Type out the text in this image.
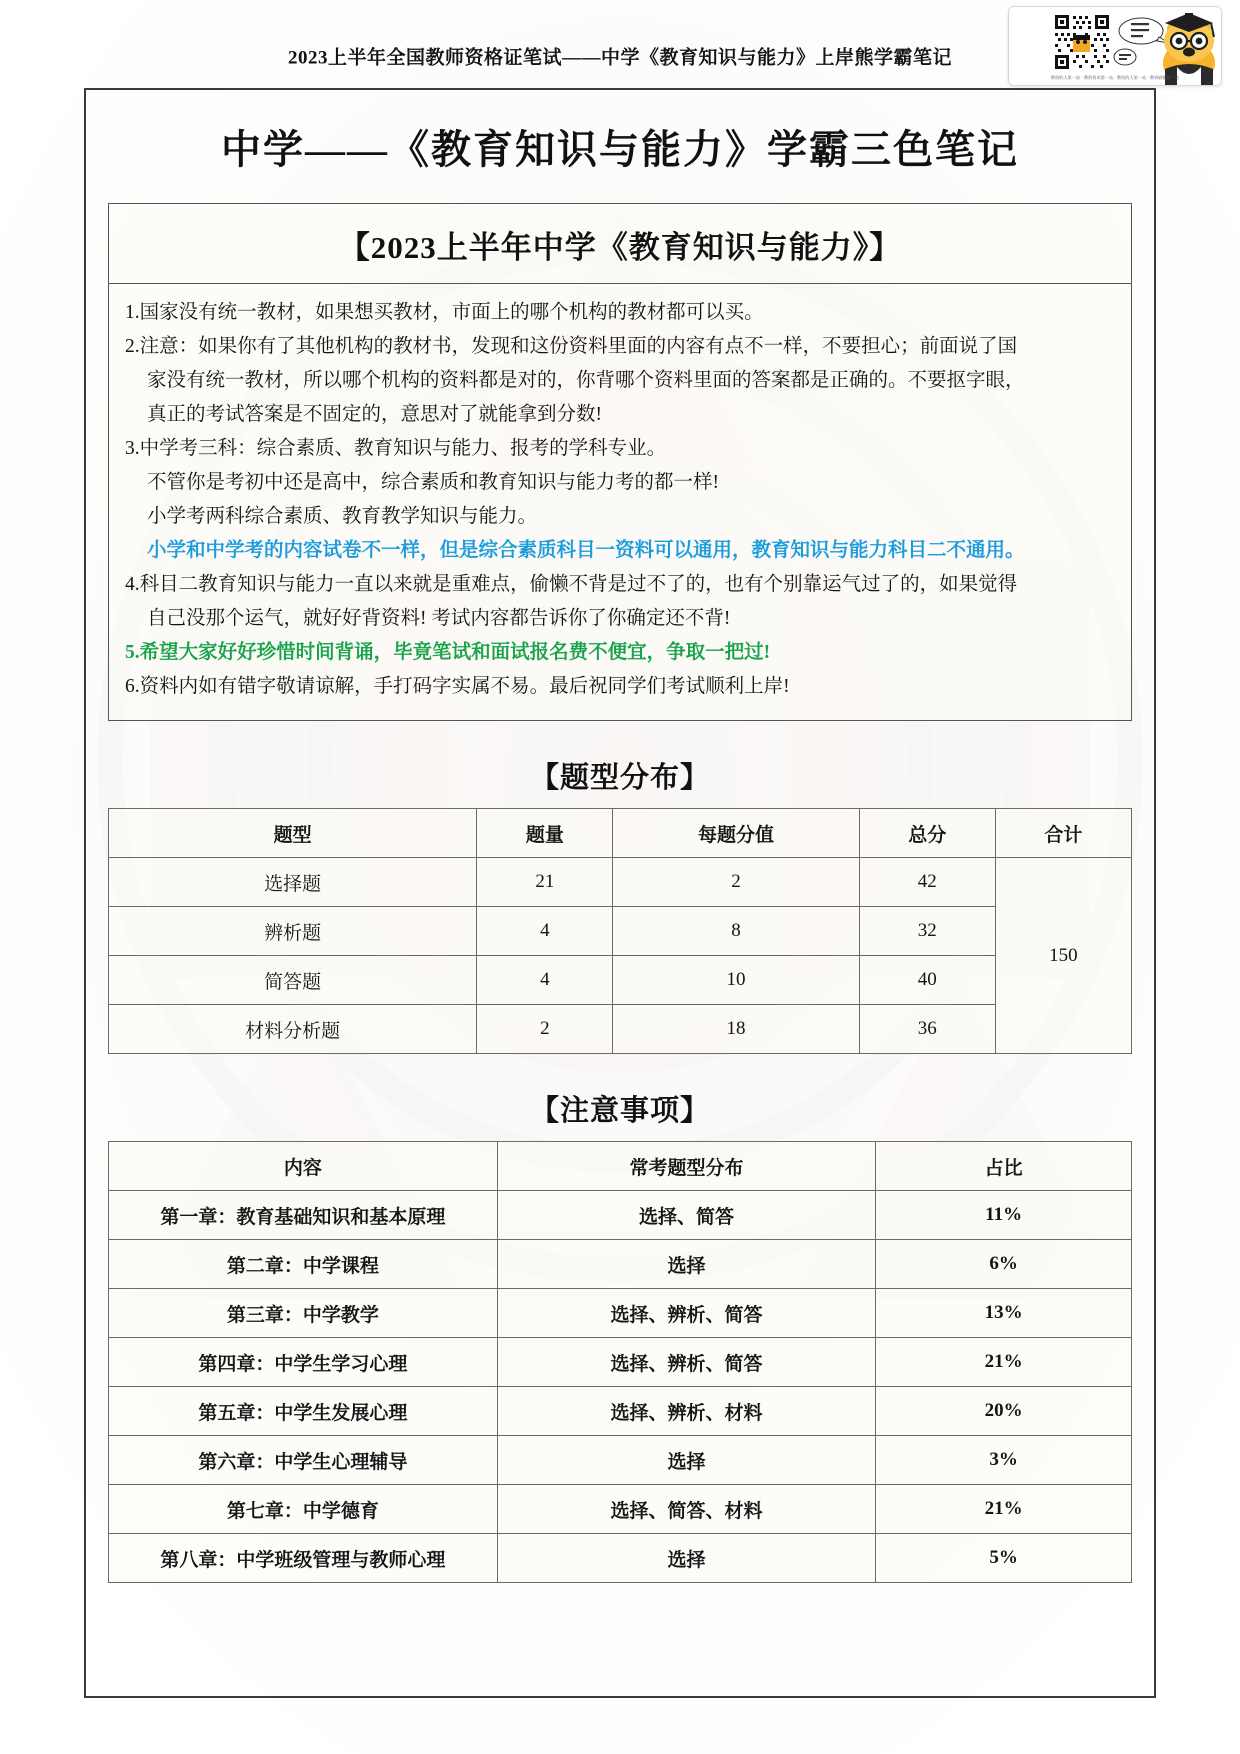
2023上半年全国教师资格证笔试——中学《教育知识与能力》上岸熊学霸笔记
教资的人第一站 · 教资资讯第一站 · 教资的人第一站 · 教资刷题第一站
中学——《教育知识与能力》学霸三色笔记
【2023上半年中学《教育知识与能力》】
1.国家没有统一教材，如果想买教材，市面上的哪个机构的教材都可以买。
2.注意：如果你有了其他机构的教材书，发现和这份资料里面的内容有点不一样，不要担心；前面说了国
家没有统一教材，所以哪个机构的资料都是对的，你背哪个资料里面的答案都是正确的。不要抠字眼，
真正的考试答案是不固定的，意思对了就能拿到分数!
3.中学考三科：综合素质、教育知识与能力、报考的学科专业。
不管你是考初中还是高中，综合素质和教育知识与能力考的都一样!
小学考两科综合素质、教育教学知识与能力。
小学和中学考的内容试卷不一样，但是综合素质科目一资料可以通用，教育知识与能力科目二不通用。
4.科目二教育知识与能力一直以来就是重难点，偷懒不背是过不了的，也有个别靠运气过了的，如果觉得
自己没那个运气，就好好背资料! 考试内容都告诉你了你确定还不背!
5.希望大家好好珍惜时间背诵，毕竟笔试和面试报名费不便宜，争取一把过!
6.资料内如有错字敬请谅解，手打码字实属不易。最后祝同学们考试顺利上岸!
【题型分布】
题型	题量	每题分值	总分	合计
选择题	21	2	42	150
辨析题	4	8	32	
简答题	4	10	40	
材料分析题	2	18	36	
【注意事项】
内容	常考题型分布	占比
第一章：教育基础知识和基本原理	选择、简答	11%
第二章：中学课程	选择	6%
第三章：中学教学	选择、辨析、简答	13%
第四章：中学生学习心理	选择、辨析、简答	21%
第五章：中学生发展心理	选择、辨析、材料	20%
第六章：中学生心理辅导	选择	3%
第七章：中学德育	选择、简答、材料	21%
第八章：中学班级管理与教师心理	选择	5%
